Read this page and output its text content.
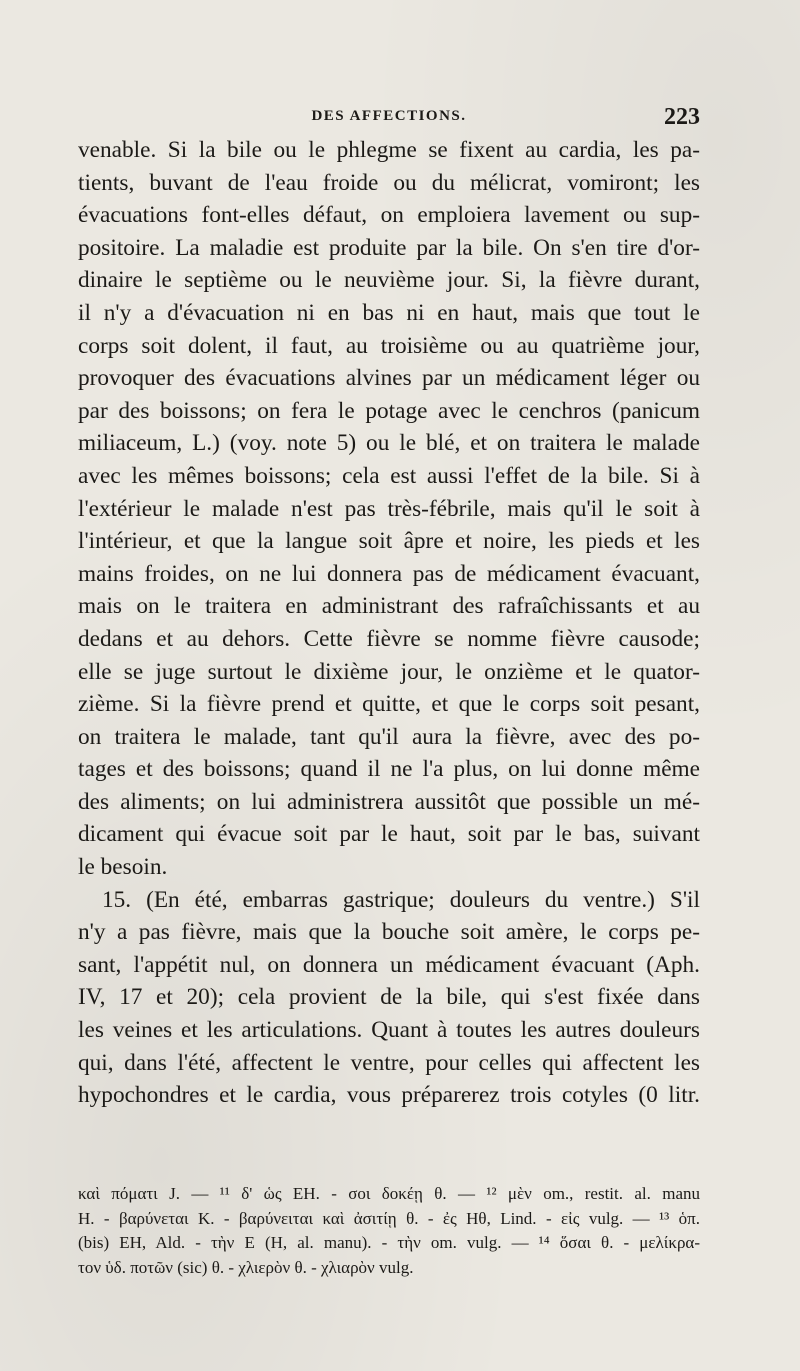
DES AFFECTIONS.	223
venable. Si la bile ou le phlegme se fixent au cardia, les pa-
tients, buvant de l'eau froide ou du mélicrat, vomiront; les
évacuations font-elles défaut, on emploiera lavement ou sup-
positoire. La maladie est produite par la bile. On s'en tire d'or-
dinaire le septième ou le neuvième jour. Si, la fièvre durant,
il n'y a d'évacuation ni en bas ni en haut, mais que tout le
corps soit dolent, il faut, au troisième ou au quatrième jour,
provoquer des évacuations alvines par un médicament léger ou
par des boissons; on fera le potage avec le cenchros (panicum
miliaceum, L.) (voy. note 5) ou le blé, et on traitera le malade
avec les mêmes boissons; cela est aussi l'effet de la bile. Si à
l'extérieur le malade n'est pas très-fébrile, mais qu'il le soit à
l'intérieur, et que la langue soit âpre et noire, les pieds et les
mains froides, on ne lui donnera pas de médicament évacuant,
mais on le traitera en administrant des rafraîchissants et au
dedans et au dehors. Cette fièvre se nomme fièvre causode;
elle se juge surtout le dixième jour, le onzième et le quator-
zième. Si la fièvre prend et quitte, et que le corps soit pesant,
on traitera le malade, tant qu'il aura la fièvre, avec des po-
tages et des boissons; quand il ne l'a plus, on lui donne même
des aliments; on lui administrera aussitôt que possible un mé-
dicament qui évacue soit par le haut, soit par le bas, suivant
le besoin.
15. (En été, embarras gastrique; douleurs du ventre.) S'il
n'y a pas fièvre, mais que la bouche soit amère, le corps pe-
sant, l'appétit nul, on donnera un médicament évacuant (Aph.
IV, 17 et 20); cela provient de la bile, qui s'est fixée dans
les veines et les articulations. Quant à toutes les autres douleurs
qui, dans l'été, affectent le ventre, pour celles qui affectent les
hypochondres et le cardia, vous préparerez trois cotyles (0 litr.
καὶ πόματι J. — ¹¹ δ' ὡς EH. - σοι δοκέῃ θ. — ¹² μὲν om., restit. al. manu
H. - βαρύνεται K. - βαρύνειται καὶ ἀσιτίῃ θ. - ἐς Hθ, Lind. - εἰς vulg. — ¹³ ὁπ.
(bis) EH, Ald. - τὴν E (H, al. manu). - τὴν om. vulg. — ¹⁴ ὅσαι θ. - μελίκρα-
τον ὑδ. ποτῶν (sic) θ. - χλιερὸν θ. - χλιαρὸν vulg.
